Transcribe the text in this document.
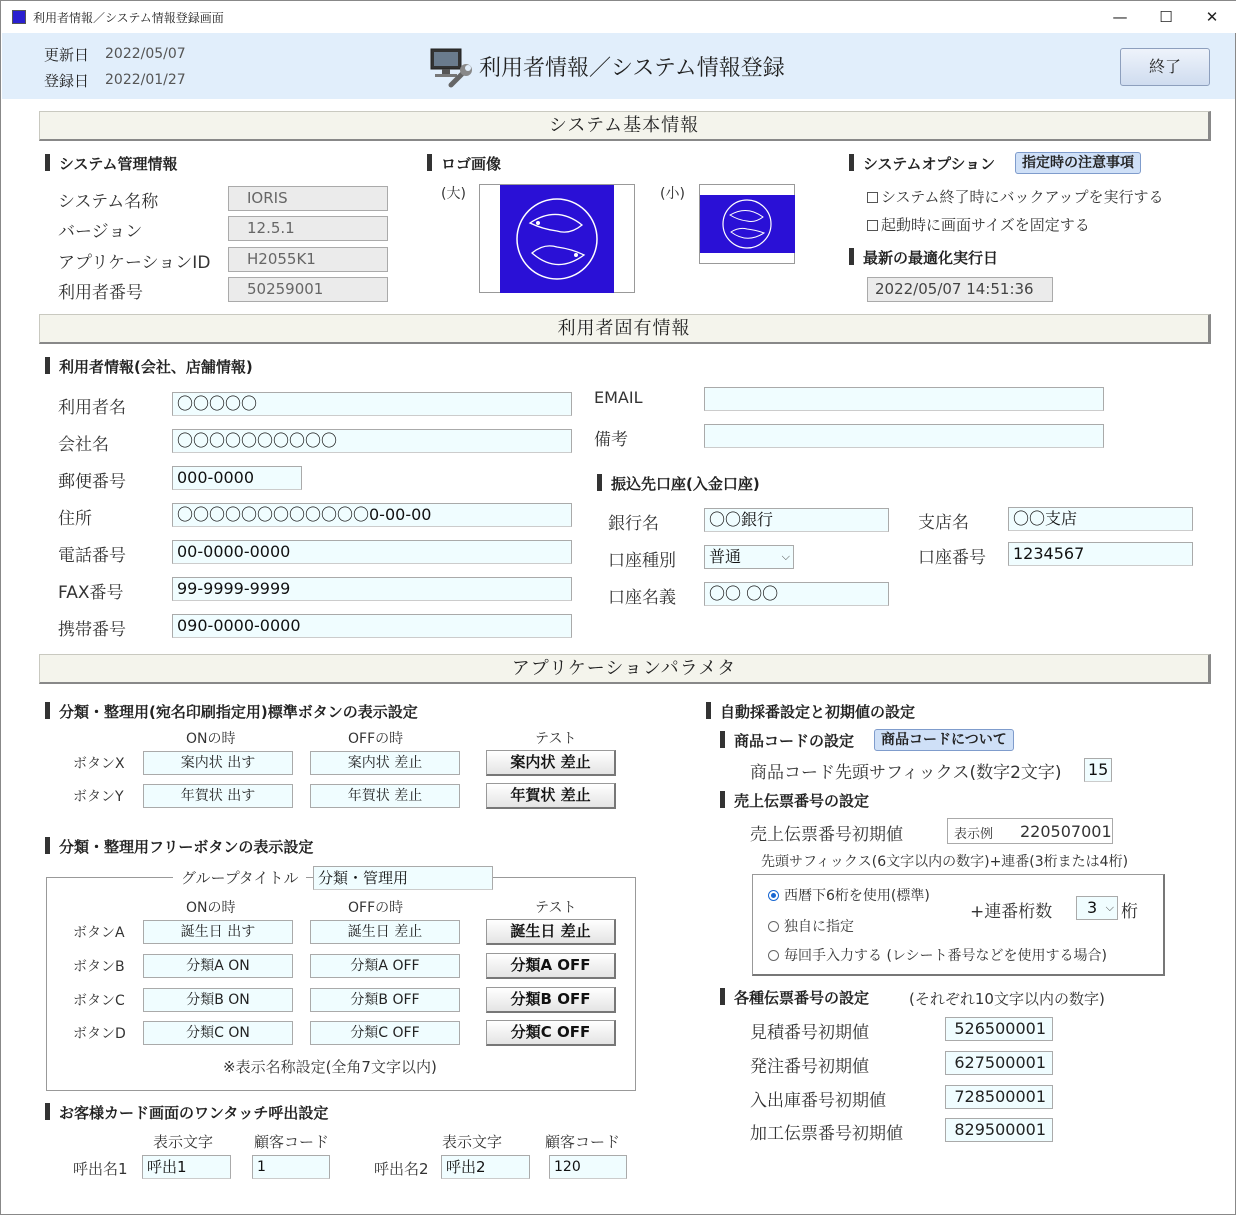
利用者情報／システム情報登録画面	—	☐	✕
更新日 2022/05/07
登録日 2022/01/27	利用者情報／システム情報登録	終了
システム基本情報
システム管理情報
システム名称	IORIS
バージョン	12.5.1
アプリケーションID	H2055K1
利用者番号	50259001
ロゴ画像
(大)	(小)
システムオプション	指定時の注意事項
システム終了時にバックアップを実行する
起動時に画面サイズを固定する
最新の最適化実行日
2022/05/07 14:51:36
利用者固有情報
利用者情報(会社、店舗情報)
利用者名	〇〇〇〇〇
会社名	〇〇〇〇〇〇〇〇〇〇
郵便番号	000-0000
住所	〇〇〇〇〇〇〇〇〇〇〇〇0-00-00
電話番号	00-0000-0000
FAX番号	99-9999-9999
携帯番号	090-0000-0000
EMAIL
備考
振込先口座(入金口座)
銀行名	〇〇銀行	支店名	〇〇支店
口座種別	普通	⌵	口座番号	1234567
口座名義	〇〇 〇〇
アプリケーションパラメタ
分類・整理用(宛名印刷指定用)標準ボタンの表示設定
ONの時	OFFの時	テスト
ボタンX	案内状 出す	案内状 差止	案内状 差止
ボタンY	年賀状 出す	年賀状 差止	年賀状 差止
分類・整理用フリーボタンの表示設定
グループタイトル	分類・管理用
ONの時	OFFの時	テスト
ボタンA	誕生日 出す	誕生日 差止	誕生日 差止
ボタンB	分類A ON	分類A OFF	分類A OFF
ボタンC	分類B ON	分類B OFF	分類B OFF
ボタンD	分類C ON	分類C OFF	分類C OFF
※表示名称設定(全角7文字以内)
お客様カード画面のワンタッチ呼出設定
表示文字	顧客コード	表示文字	顧客コード
呼出名1	呼出1	1	呼出名2	呼出2	120
自動採番設定と初期値の設定
商品コードの設定	商品コードについて
商品コード先頭サフィックス(数字2文字) 15
売上伝票番号の設定
売上伝票番号初期値	表示例 220507001
先頭サフィックス(6文字以内の数字)+連番(3桁または4桁)
西暦下6桁を使用(標準)
独自に指定
毎回手入力する (レシート番号などを使用する場合)
+連番桁数	3 ⌵ 桁
各種伝票番号の設定	(それぞれ10文字以内の数字)
見積番号初期値	526500001
発注番号初期値	627500001
入出庫番号初期値	728500001
加工伝票番号初期値	829500001
